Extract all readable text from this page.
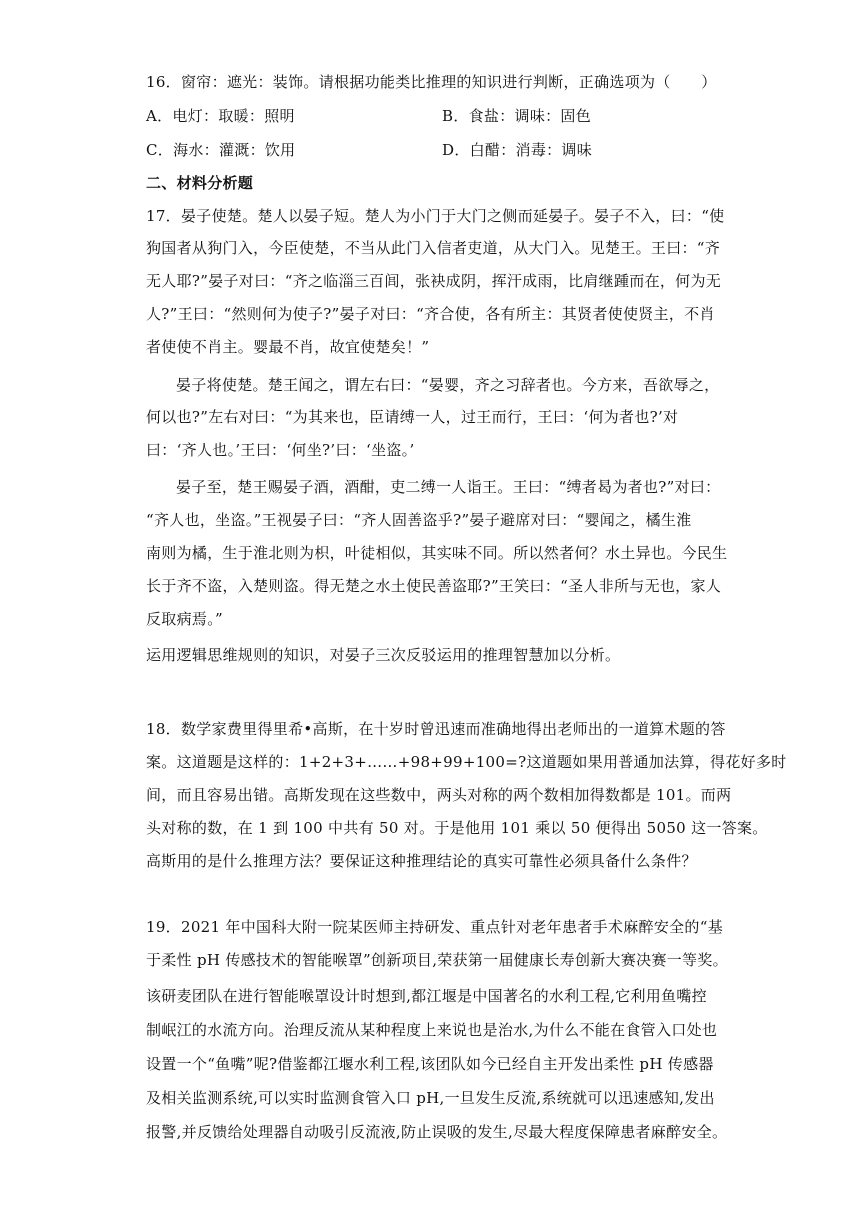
16．窗帘：遮光：装饰。请根据功能类比推理的知识进行判断，正确选项为（　　）
A．电灯：取暖：照明	B．食盐：调味：固色
C．海水：灌溉：饮用	D．白醋：消毒：调味
二、材料分析题
17．晏子使楚。楚人以晏子短。楚人为小门于大门之侧而延晏子。晏子不入，曰：“使
狗国者从狗门入，今臣使楚，不当从此门入信者吏道，从大门入。见楚王。王曰：“齐
无人耶?”晏子对曰：“齐之临淄三百闾，张袂成阴，挥汗成雨，比肩继踵而在，何为无
人?”王曰：“然则何为使子?”晏子对曰：“齐合使，各有所主：其贤者使使贤主，不肖
者使使不肖主。婴最不肖，故宜使楚矣！”
晏子将使楚。楚王闻之，谓左右曰：“晏婴，齐之习辞者也。今方来，吾欲辱之，
何以也?”左右对曰：“为其来也，臣请缚一人，过王而行，王曰：‘何为者也?’对
曰：‘齐人也。’王曰：‘何坐?’曰：‘坐盗。’
晏子至，楚王赐晏子酒，酒酣，吏二缚一人诣王。王曰：“缚者曷为者也?”对曰：
“齐人也，坐盗。”王视晏子曰：“齐人固善盗乎?”晏子避席对曰：“婴闻之，橘生淮
南则为橘，生于淮北则为枳，叶徒相似，其实味不同。所以然者何？水土异也。今民生
长于齐不盗，入楚则盗。得无楚之水土使民善盗耶?”王笑曰：“圣人非所与无也，家人
反取病焉。”
运用逻辑思维规则的知识，对晏子三次反驳运用的推理智慧加以分析。
18．数学家费里得里希•高斯，在十岁时曾迅速而准确地得出老师出的一道算术题的答
案。这道题是这样的：1+2+3+……+98+99+100=?这道题如果用普通加法算，得花好多时
间，而且容易出错。高斯发现在这些数中，两头对称的两个数相加得数都是 101。而两
头对称的数，在 1 到 100 中共有 50 对。于是他用 101 乘以 50 便得出 5050 这一答案。
高斯用的是什么推理方法？要保证这种推理结论的真实可靠性必须具备什么条件？
19．2021 年中国科大附一院某医师主持研发、重点针对老年患者手术麻醉安全的“基
于柔性 pH 传感技术的智能喉罩”创新项目,荣获第一届健康长寿创新大赛决赛一等奖。
该研麦团队在进行智能喉罩设计时想到,都江堰是中国著名的水利工程,它利用鱼嘴控
制岷江的水流方向。治理反流从某种程度上来说也是治水,为什么不能在食管入口处也
设置一个“鱼嘴”呢?借鉴都江堰水利工程,该团队如今已经自主开发出柔性 pH 传感器
及相关监测系统,可以实时监测食管入口 pH,一旦发生反流,系统就可以迅速感知,发出
报警,并反馈给处理器自动吸引反流液,防止误吸的发生,尽最大程度保障患者麻醉安全。
